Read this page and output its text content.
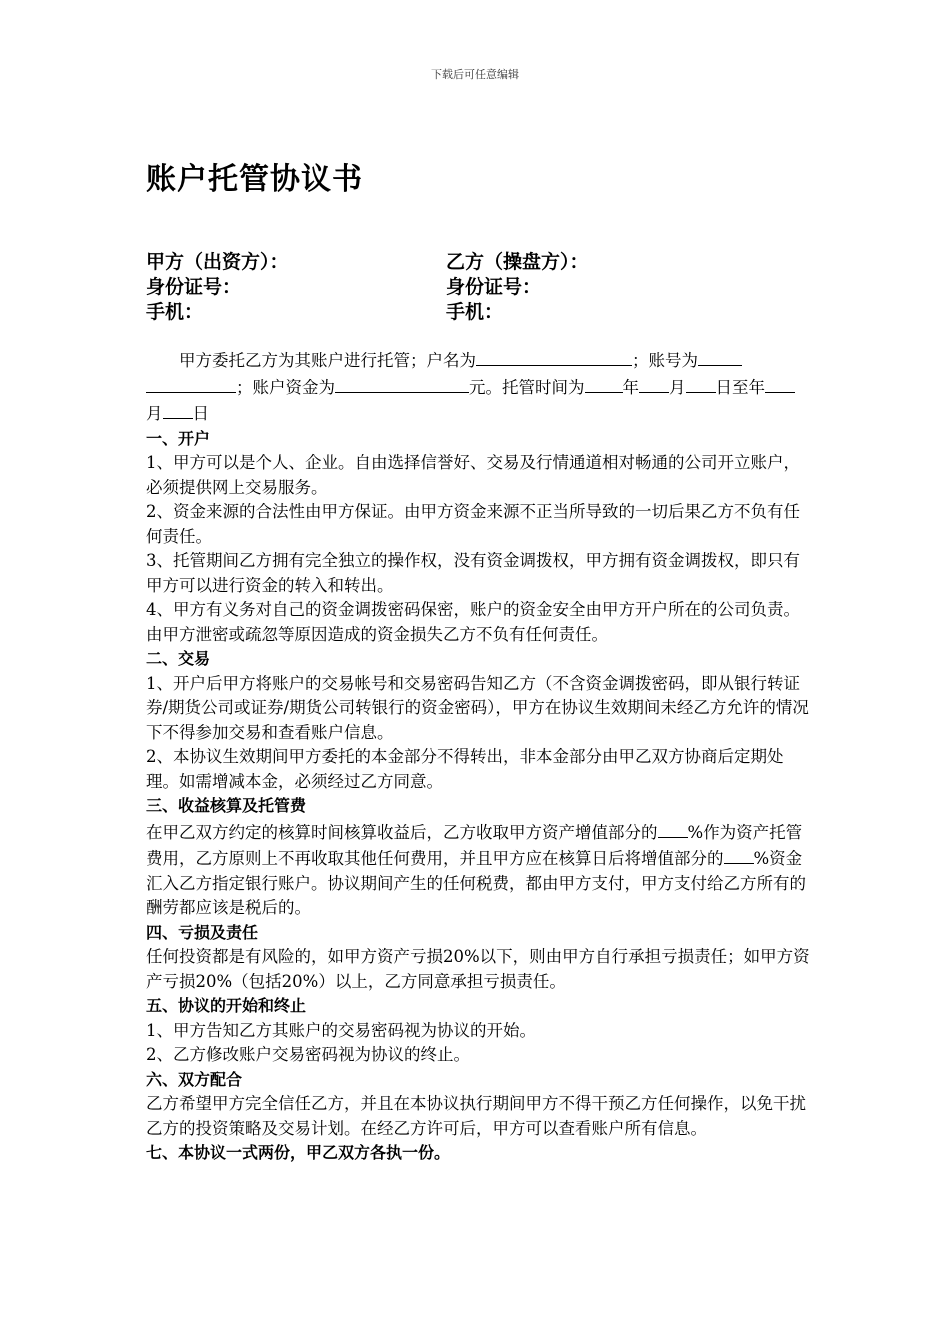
下载后可任意编辑
账户托管协议书
甲方（出资方）：
身份证号：
手机：
乙方（操盘方）：
身份证号：
手机：

甲方委托乙方为其账户进行托管；户名为	；账号为 ；账户资金为	元。托管时间为 年 月 日至年月 日

一、开户

1、甲方可以是个人、企业。自由选择信誉好、交易及行情通道相对畅通的公司开立账户，必须提供网上交易服务。

2、资金来源的合法性由甲方保证。由甲方资金来源不正当所导致的一切后果乙方不负有任何责任。

3、托管期间乙方拥有完全独立的操作权，没有资金调拨权，甲方拥有资金调拨权，即只有甲方可以进行资金的转入和转出。

4、甲方有义务对自己的资金调拨密码保密，账户的资金安全由甲方开户所在的公司负责。由甲方泄密或疏忽等原因造成的资金损失乙方不负有任何责任。

二、交易

1、开户后甲方将账户的交易帐号和交易密码告知乙方（不含资金调拨密码，即从银行转证券/期货公司或证券/期货公司转银行的资金密码），甲方在协议生效期间未经乙方允许的情况下不得参加交易和查看账户信息。

2、本协议生效期间甲方委托的本金部分不得转出，非本金部分由甲乙双方协商后定期处理。如需增减本金，必须经过乙方同意。

三、收益核算及托管费

在甲乙双方约定的核算时间核算收益后，乙方收取甲方资产增值部分的 %作为资产托管费用，乙方原则上不再收取其他任何费用，并且甲方应在核算日后将增值部分的 %资金汇入乙方指定银行账户。协议期间产生的任何税费，都由甲方支付，甲方支付给乙方所有的酬劳都应该是税后的。

四、亏损及责任

任何投资都是有风险的，如甲方资产亏损20%以下，则由甲方自行承担亏损责任；如甲方资产亏损20%（包括20%）以上，乙方同意承担亏损责任。

五、协议的开始和终止

1、甲方告知乙方其账户的交易密码视为协议的开始。

2、乙方修改账户交易密码视为协议的终止。

六、双方配合

乙方希望甲方完全信任乙方，并且在本协议执行期间甲方不得干预乙方任何操作，以免干扰乙方的投资策略及交易计划。在经乙方许可后，甲方可以查看账户所有信息。

七、本协议一式两份，甲乙双方各执一份。
